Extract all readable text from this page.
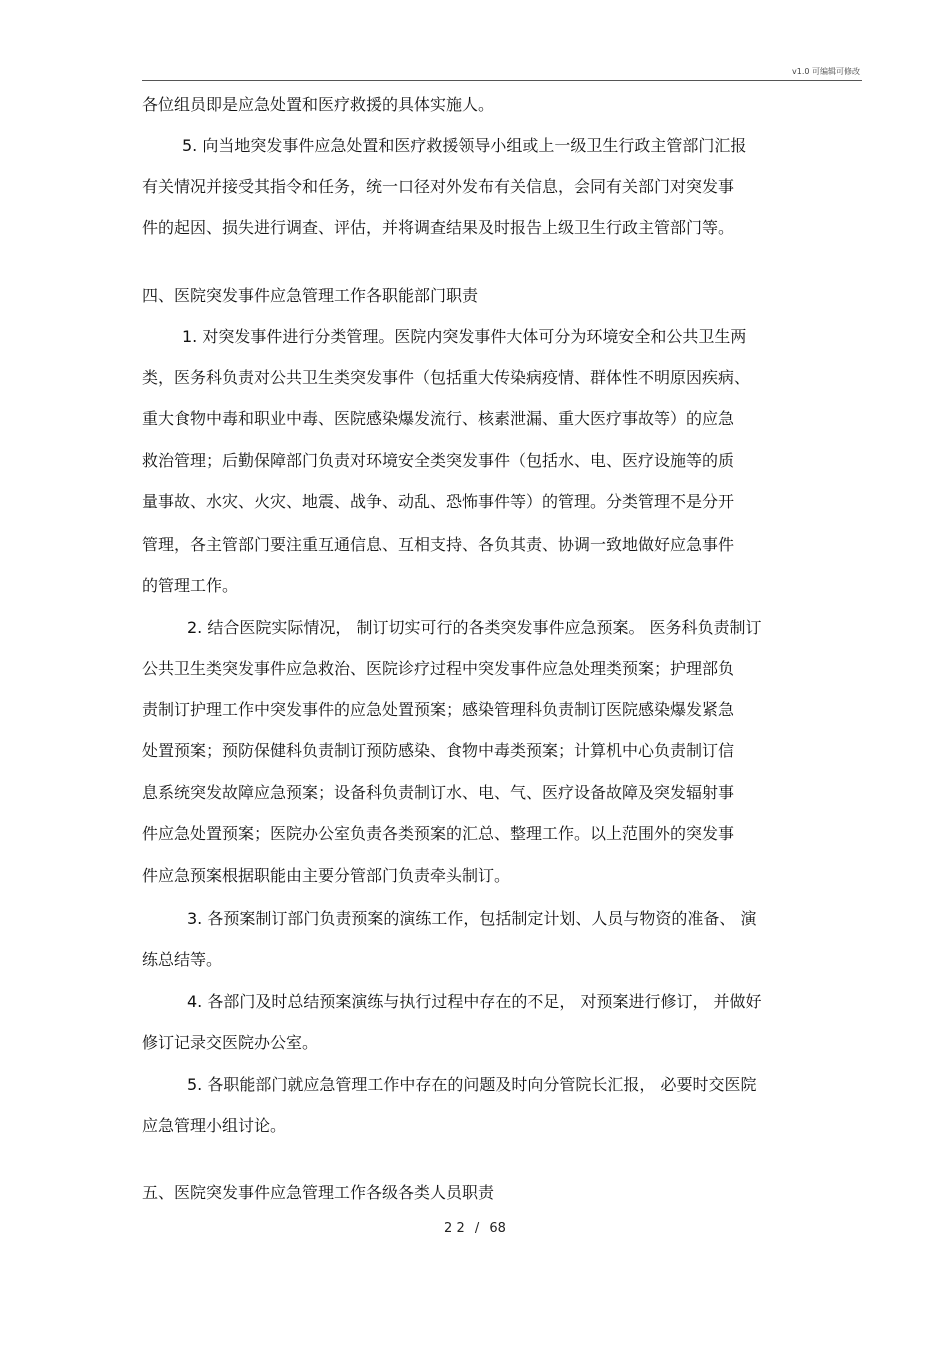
v1.0 可编辑可修改
各位组员即是应急处置和医疗救援的具体实施人。
5. 向当地突发事件应急处置和医疗救援领导小组或上一级卫生行政主管部门汇报
有关情况并接受其指令和任务，统一口径对外发布有关信息，会同有关部门对突发事
件的起因、损失进行调查、评估，并将调查结果及时报告上级卫生行政主管部门等。
四、医院突发事件应急管理工作各职能部门职责
1. 对突发事件进行分类管理。医院内突发事件大体可分为环境安全和公共卫生两
类，医务科负责对公共卫生类突发事件（包括重大传染病疫情、群体性不明原因疾病、
重大食物中毒和职业中毒、医院感染爆发流行、核素泄漏、重大医疗事故等）的应急
救治管理；后勤保障部门负责对环境安全类突发事件（包括水、电、医疗设施等的质
量事故、水灾、火灾、地震、战争、动乱、恐怖事件等）的管理。分类管理不是分开
管理，各主管部门要注重互通信息、互相支持、各负其责、协调一致地做好应急事件
的管理工作。
2. 结合医院实际情况， 制订切实可行的各类突发事件应急预案。 医务科负责制订
公共卫生类突发事件应急救治、医院诊疗过程中突发事件应急处理类预案；护理部负
责制订护理工作中突发事件的应急处置预案；感染管理科负责制订医院感染爆发紧急
处置预案；预防保健科负责制订预防感染、食物中毒类预案；计算机中心负责制订信
息系统突发故障应急预案；设备科负责制订水、电、气、医疗设备故障及突发辐射事
件应急处置预案；医院办公室负责各类预案的汇总、整理工作。以上范围外的突发事
件应急预案根据职能由主要分管部门负责牵头制订。
3. 各预案制订部门负责预案的演练工作，包括制定计划、人员与物资的准备、 演
练总结等。
4. 各部门及时总结预案演练与执行过程中存在的不足， 对预案进行修订， 并做好
修订记录交医院办公室。
5. 各职能部门就应急管理工作中存在的问题及时向分管院长汇报， 必要时交医院
应急管理小组讨论。
五、医院突发事件应急管理工作各级各类人员职责
2 2 / 68
